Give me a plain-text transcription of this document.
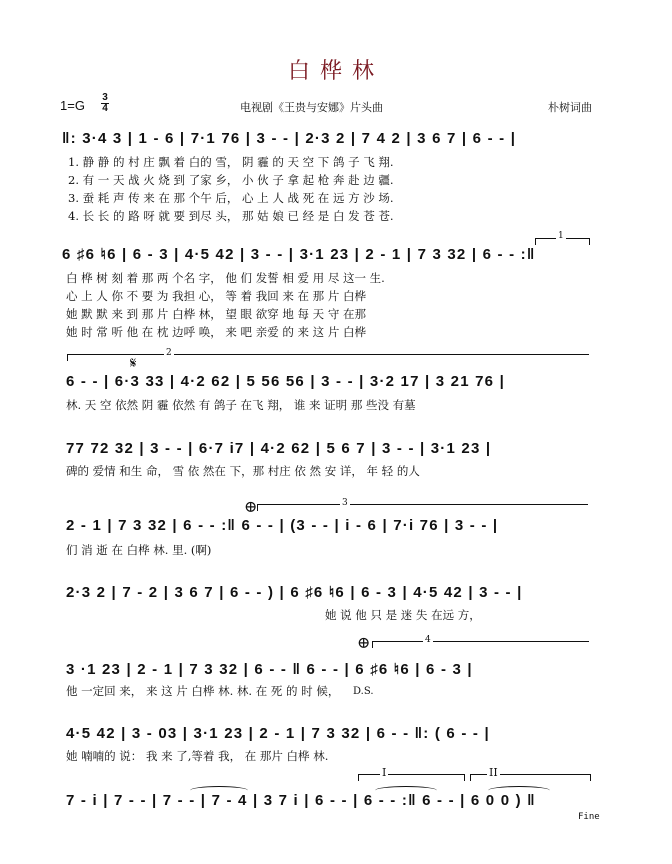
白桦林
$1=G \frac{3}{4}$	电视剧《王贵与安娜》片头曲	朴树词曲
‖: 3·4 3 | 1 - 6 | 7·1 76 | 3 - - | 2·3 2 | 7 4 2 | 3 6 7 | 6 - - |
1. 静 静 的 村 庄 飘 着 白的 雪， 阴 霾 的 天 空 下 鸽 子 飞 翔.
2. 有 一 天 战 火 烧 到 了家 乡， 小 伙 子 拿 起 枪 奔 赴 边 疆.
3. 蚕 耗 声 传 来 在 那 个午 后， 心 上 人 战 死 在 远 方 沙 场.
4. 长 长 的 路 呀 就 要 到尽 头， 那 姑 娘 已 经 是 白 发 苍 苍.
1
6 ♯6 ♮6 | 6 - 3 | 4·5 42 | 3 - - | 3·1 23 | 2 - 1 | 7 3 32 | 6 - - :‖
白 桦 树 刻 着 那 两 个名 字， 他 们 发誓 相 爱 用 尽 这一 生.
心 上 人 你 不 要 为 我担 心， 等 着 我回 来 在 那 片 白桦
她 默 默 来 到 那 片 白桦 林， 望 眼 欲穿 地 每 天 守 在那
她 时 常 听 他 在 枕 边呼 唤， 来 吧 亲爱 的 来 这 片 白桦
2
𝄋
6 - - | 6·3 33 | 4·2 62 | 5 56 56 | 3 - - | 3·2 17 | 3 21 76 |
林. 天 空 依然 阴 霾 依然 有 鸽子 在飞 翔， 谁 来 证明 那 些没 有墓
77 72 32 | 3 - - | 6·7 i7 | 4·2 62 | 5 6 7 | 3 - - | 3·1 23 |
碑的 爱情 和生 命， 雪 依 然在 下，那 村庄 依 然 安 详， 年 轻 的人
⊕	3
2 - 1 | 7 3 32 | 6 - - :‖ 6 - - | (3 - - | i - 6 | 7·i 76 | 3 - - |
们 消 逝 在 白桦 林. 里. (啊)
2·3 2 | 7 - 2 | 3 6 7 | 6 - - ) | 6 ♯6 ♮6 | 6 - 3 | 4·5 42 | 3 - - |
她 说 他 只 是 迷 失 在远 方，
⊕	4
3 ·1 23 | 2 - 1 | 7 3 32 | 6 - - ‖ 6 - - | 6 ♯6 ♮6 | 6 - 3 |
D.S.
他 一定回 来， 来 这 片 白桦 林. 林. 在 死 的 时 候，
4·5 42 | 3 - 03 | 3·1 23 | 2 - 1 | 7 3 32 | 6 - - ‖: ( 6 - - |
她 喃喃的 说： 我 来 了,等着 我， 在 那片 白桦 林.
I	II
7 - i | 7 - - | 7 - - | 7 - 4 | 3 7 i | 6 - - | 6 - - :‖ 6 - - | 6 0 0 ) ‖
Fine
